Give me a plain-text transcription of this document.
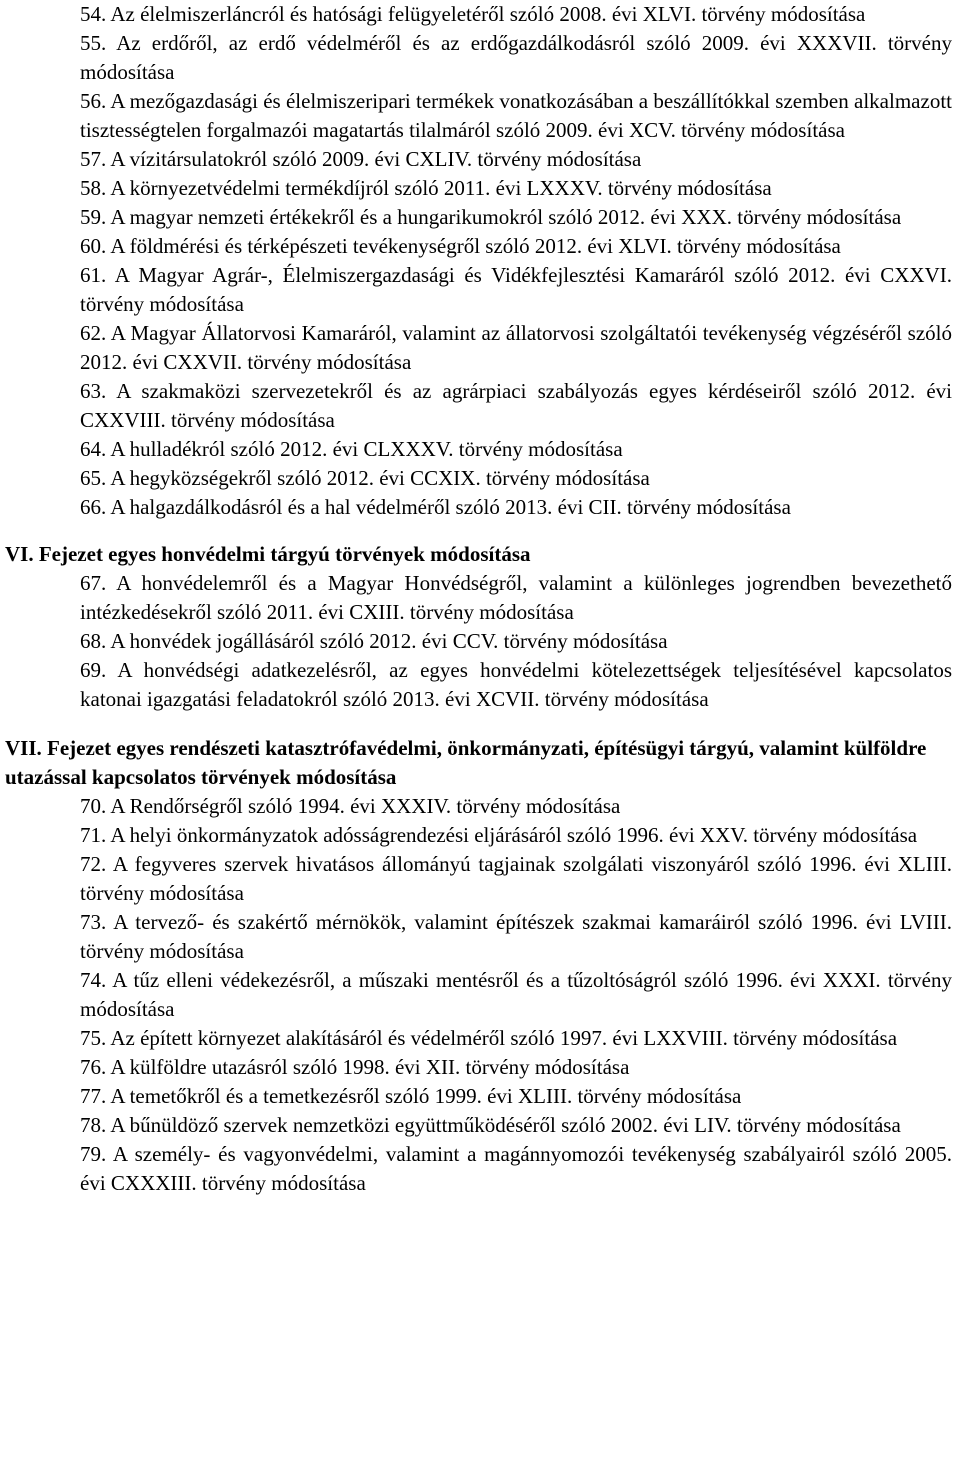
54. Az élelmiszerláncról és hatósági felügyeletéről szóló 2008. évi XLVI. törvény módosítása
55. Az erdőről, az erdő védelméről és az erdőgazdálkodásról szóló 2009. évi XXXVII. törvény módosítása
56. A mezőgazdasági és élelmiszeripari termékek vonatkozásában a beszállítókkal szemben alkalmazott tisztességtelen forgalmazói magatartás tilalmáról szóló 2009. évi XCV. törvény módosítása
57. A vízitársulatokról szóló 2009. évi CXLIV. törvény módosítása
58. A környezetvédelmi termékdíjról szóló 2011. évi LXXXV. törvény módosítása
59. A magyar nemzeti értékekről és a hungarikumokról szóló 2012. évi XXX. törvény módosítása
60. A földmérési és térképészeti tevékenységről szóló 2012. évi XLVI. törvény módosítása
61. A Magyar Agrár-, Élelmiszergazdasági és Vidékfejlesztési Kamaráról szóló 2012. évi CXXVI. törvény módosítása
62. A Magyar Állatorvosi Kamaráról, valamint az állatorvosi szolgáltatói tevékenység végzéséről szóló 2012. évi CXXVII. törvény módosítása
63. A szakmaközi szervezetekről és az agrárpiaci szabályozás egyes kérdéseiről szóló 2012. évi CXXVIII. törvény módosítása
64. A hulladékról szóló 2012. évi CLXXXV. törvény módosítása
65. A hegyközségekről szóló 2012. évi CCXIX. törvény módosítása
66. A halgazdálkodásról és a hal védelméről szóló 2013. évi CII. törvény módosítása
VI. Fejezet egyes honvédelmi tárgyú törvények módosítása
67. A honvédelemről és a Magyar Honvédségről, valamint a különleges jogrendben bevezethető intézkedésekről szóló 2011. évi CXIII. törvény módosítása
68. A honvédek jogállásáról szóló 2012. évi CCV. törvény módosítása
69. A honvédségi adatkezelésről, az egyes honvédelmi kötelezettségek teljesítésével kapcsolatos katonai igazgatási feladatokról szóló 2013. évi XCVII. törvény módosítása
VII. Fejezet egyes rendészeti katasztrófavédelmi, önkormányzati, építésügyi tárgyú, valamint külföldre utazással kapcsolatos törvények módosítása
70. A Rendőrségről szóló 1994. évi XXXIV. törvény módosítása
71. A helyi önkormányzatok adósságrendezési eljárásáról szóló 1996. évi XXV. törvény módosítása
72. A fegyveres szervek hivatásos állományú tagjainak szolgálati viszonyáról szóló 1996. évi XLIII. törvény módosítása
73. A tervező- és szakértő mérnökök, valamint építészek szakmai kamaráiról szóló 1996. évi LVIII. törvény módosítása
74. A tűz elleni védekezésről, a műszaki mentésről és a tűzoltóságról szóló 1996. évi XXXI. törvény módosítása
75. Az épített környezet alakításáról és védelméről szóló 1997. évi LXXVIII. törvény módosítása
76. A külföldre utazásról szóló 1998. évi XII. törvény módosítása
77. A temetőkről és a temetkezésről szóló 1999. évi XLIII. törvény módosítása
78. A bűnüldöző szervek nemzetközi együttműködéséről szóló 2002. évi LIV. törvény módosítása
79. A személy- és vagyonvédelmi, valamint a magánnyomozói tevékenység szabályairól szóló 2005. évi CXXXIII. törvény módosítása
